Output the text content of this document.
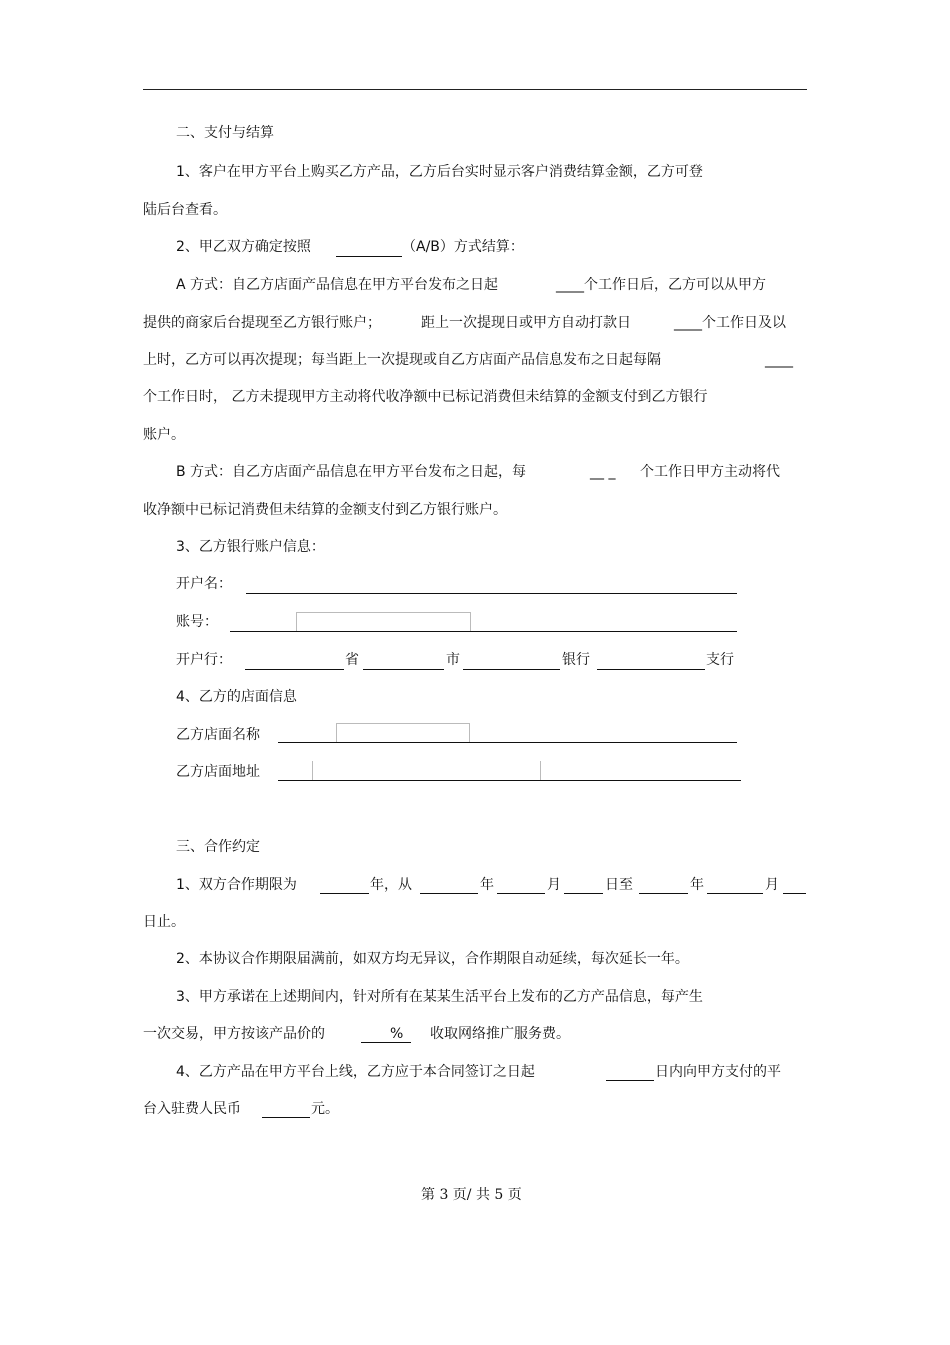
二、支付与结算
1、客户在甲方平台上购买乙方产品，乙方后台实时显示客户消费结算金额，乙方可登
陆后台查看。
2、甲乙双方确定按照	（A/B）方式结算：
A 方式：自乙方店面产品信息在甲方平台发布之日起	____个工作日后，乙方可以从甲方
提供的商家后台提现至乙方银行账户；	距上一次提现日或甲方自动打款日	____个工作日及以
上时，乙方可以再次提现；每当距上一次提现或自乙方店面产品信息发布之日起每隔	____
个工作日时， 乙方未提现甲方主动将代收净额中已标记消费但未结算的金额支付到乙方银行
账户。
B 方式：自乙方店面产品信息在甲方平台发布之日起，每	__ _ 个工作日甲方主动将代
收净额中已标记消费但未结算的金额支付到乙方银行账户。
3、乙方银行账户信息：
开户名：
账号：
开户行：	省	市	银行	支行
4、乙方的店面信息
乙方店面名称
乙方店面地址
三、合作约定
1、双方合作期限为	年，从	年	月	日至	年	月
日止。
2、本协议合作期限届满前，如双方均无异议，合作期限自动延续，每次延长一年。
3、甲方承诺在上述期间内，针对所有在某某生活平台上发布的乙方产品信息，每产生
一次交易，甲方按该产品价的	% 收取网络推广服务费。
4、乙方产品在甲方平台上线，乙方应于本合同签订之日起	日内向甲方支付的平
台入驻费人民币	元。
第 3 页/ 共 5 页
